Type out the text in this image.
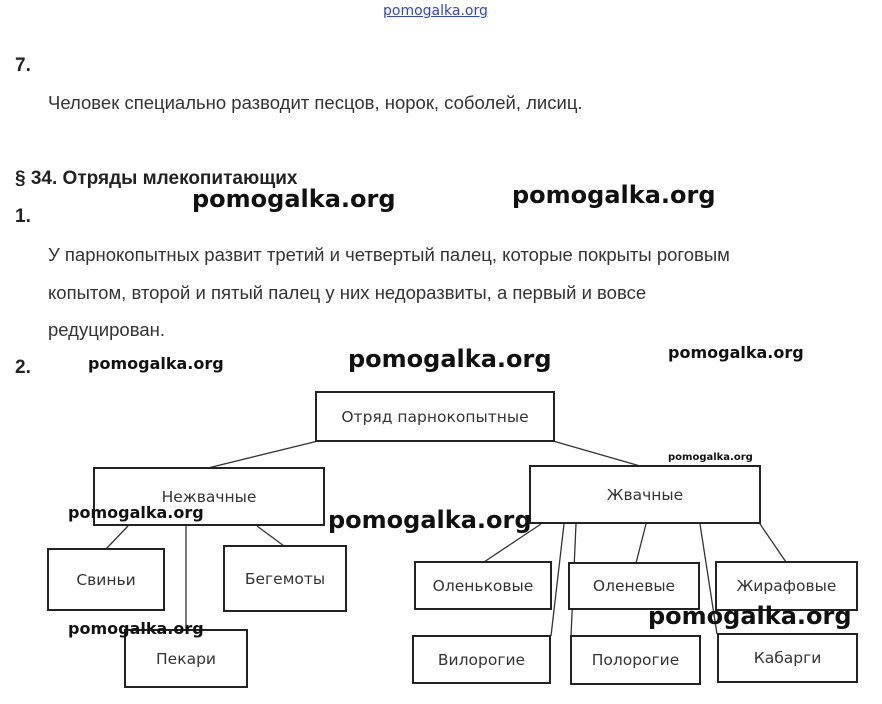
pomogalka.org
7.
Человек специально разводит песцов, норок, соболей, лисиц.
§ 34. Отряды млекопитающих
1.
У парнокопытных развит третий и четвертый палец, которые покрыты роговым
копытом, второй и пятый палец у них недоразвиты, а первый и вовсе
редуцирован.
2.
Отряд парнокопытные
Нежвачные	Жвачные
Свиньи	Бегемоты
Пекари
Оленьковые	Оленевые	Жирафовые
Вилорогие	Полорогие	Кабарги
pomogalka.org	pomogalka.org
pomogalka.org	pomogalka.org	pomogalka.org
pomogalka.org
pomogalka.org	pomogalka.org
pomogalka.org	pomogalka.org
